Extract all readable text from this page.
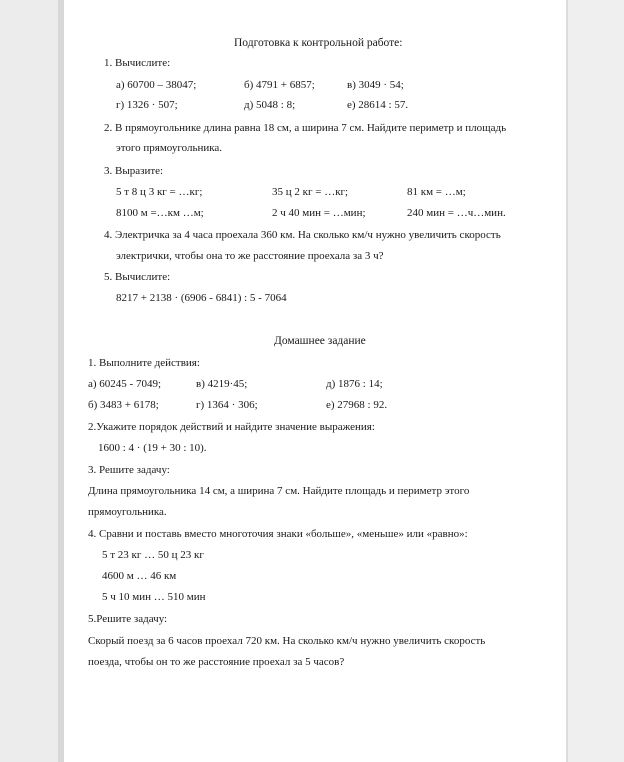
Подготовка к контрольной работе:
1. Вычислите:
а) 60700 – 38047;	б) 4791 + 6857;	в) 3049 · 54;
г) 1326 · 507;	д) 5048 : 8;	е) 28614 : 57.
2. В прямоугольнике длина равна 18 см, а ширина 7 см. Найдите периметр и площадь
этого прямоугольника.
3. Выразите:
5 т 8 ц 3 кг = …кг;	35 ц 2 кг = …кг;	81 км = …м;
8100 м =…км …м;	2 ч 40 мин = …мин;	240 мин = …ч…мин.
4. Электричка за 4 часа проехала 360 км. На сколько км/ч нужно увеличить скорость
электрички, чтобы она то же расстояние проехала за 3 ч?
5. Вычислите:
8217 + 2138 · (6906 - 6841) : 5 - 7064
Домашнее задание
1. Выполните действия:
а) 60245 - 7049;	в) 4219·45;	д) 1876 : 14;
б) 3483 + 6178;	г) 1364 · 306;	е) 27968 : 92.
2.Укажите порядок действий и найдите значение выражения:
1600 : 4 · (19 + 30 : 10).
3. Решите задачу:
Длина прямоугольника 14 см, а ширина 7 см. Найдите площадь и периметр этого
прямоугольника.
4. Сравни и поставь вместо многоточия знаки «больше», «меньше» или «равно»:
5 т 23 кг … 50 ц 23 кг
4600 м … 46 км
5 ч 10 мин … 510 мин
5.Решите задачу:
Скорый поезд за 6 часов проехал 720 км. На сколько км/ч нужно увеличить скорость
поезда, чтобы он то же расстояние проехал за 5 часов?
